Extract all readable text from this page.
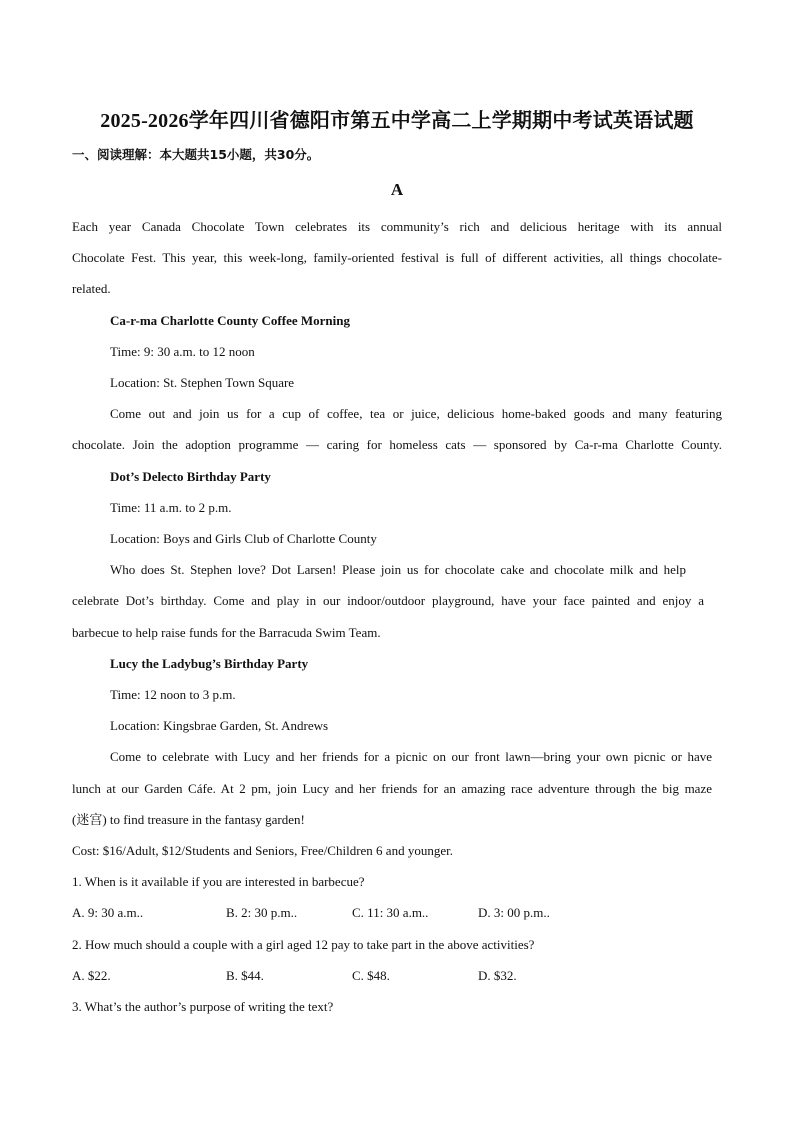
2025-2026学年四川省德阳市第五中学高二上学期期中考试英语试题
一、阅读理解：本大题共15小题，共30分。
A
Each year Canada Chocolate Town celebrates its community’s rich and delicious heritage with its annual
Chocolate Fest. This year, this week-long, family-oriented festival is full of different activities, all things chocolate-
related.
Ca-r-ma Charlotte County Coffee Morning
Time: 9: 30 a.m. to 12 noon
Location: St. Stephen Town Square
Come out and join us for a cup of coffee, tea or juice, delicious home-baked goods and many featuring
chocolate. Join the adoption programme — caring for homeless cats — sponsored by Ca-r-ma Charlotte County.
Dot’s Delecto Birthday Party
Time: 11 a.m. to 2 p.m.
Location: Boys and Girls Club of Charlotte County
Who does St. Stephen love? Dot Larsen! Please join us for chocolate cake and chocolate milk and help
celebrate Dot’s birthday. Come and play in our indoor/outdoor playground, have your face painted and enjoy a
barbecue to help raise funds for the Barracuda Swim Team.
Lucy the Ladybug’s Birthday Party
Time: 12 noon to 3 p.m.
Location: Kingsbrae Garden, St. Andrews
Come to celebrate with Lucy and her friends for a picnic on our front lawn—bring your own picnic or have
lunch at our Garden Cáfe. At 2 pm, join Lucy and her friends for an amazing race adventure through the big maze
(迷宫) to find treasure in the fantasy garden!
Cost: $16/Adult, $12/Students and Seniors, Free/Children 6 and younger.
1. When is it available if you are interested in barbecue?
A. 9: 30 a.m..	B. 2: 30 p.m..	C. 11: 30 a.m..	D. 3: 00 p.m..
2. How much should a couple with a girl aged 12 pay to take part in the above activities?
A. $22.	B. $44.	C. $48.	D. $32.
3. What’s the author’s purpose of writing the text?
